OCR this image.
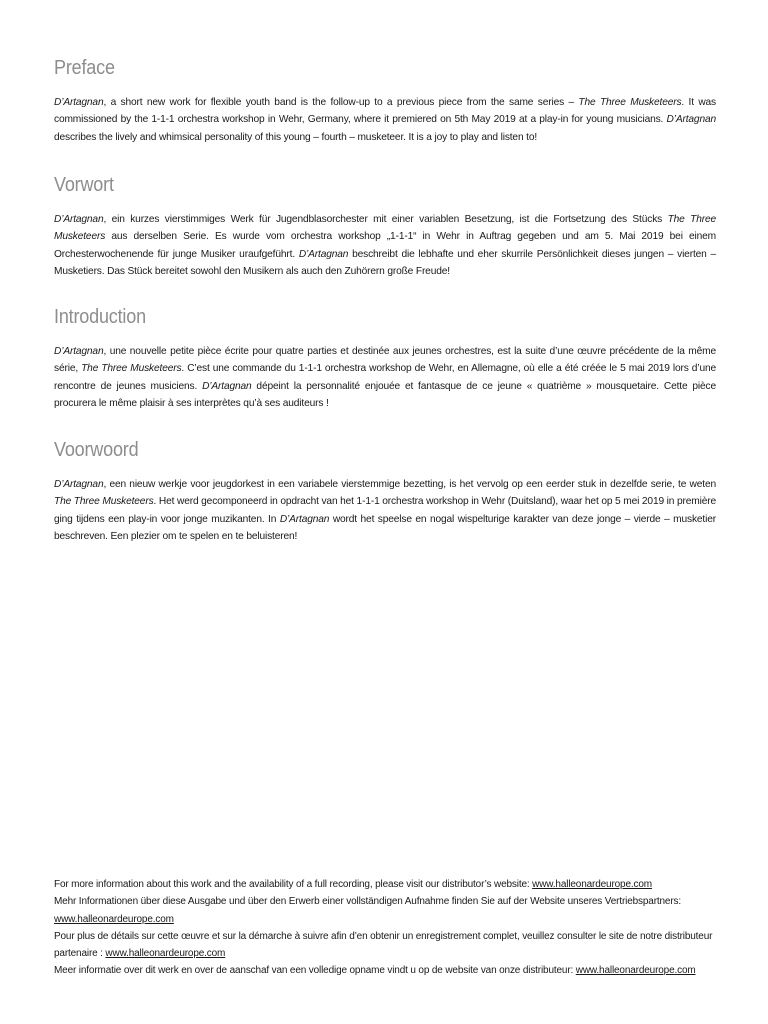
Preface

D’Artagnan, a short new work for flexible youth band is the follow-up to a previous piece from the same series – The Three Musketeers. It was commissioned by the 1-1-1 orchestra workshop in Wehr, Germany, where it premiered on 5th May 2019 at a play-in for young musicians. D’Artagnan describes the lively and whimsical personality of this young – fourth – musketeer. It is a joy to play and listen to!

Vorwort

D’Artagnan, ein kurzes vierstimmiges Werk für Jugendblasorchester mit einer variablen Besetzung, ist die Fortsetzung des Stücks The Three Musketeers aus derselben Serie. Es wurde vom orchestra workshop „1-1-1“ in Wehr in Auftrag gegeben und am 5. Mai 2019 bei einem Orchesterwochenende für junge Musiker uraufgeführt. D’Artagnan beschreibt die lebhafte und eher skurrile Persönlichkeit dieses jungen – vierten – Musketiers. Das Stück bereitet sowohl den Musikern als auch den Zuhörern große Freude!

Introduction

D’Artagnan, une nouvelle petite pièce écrite pour quatre parties et destinée aux jeunes orchestres, est la suite d’une œuvre précédente de la même série, The Three Musketeers. C’est une commande du 1-1-1 orchestra workshop de Wehr, en Allemagne, où elle a été créée le 5 mai 2019 lors d’une rencontre de jeunes musiciens. D’Artagnan dépeint la personnalité enjouée et fantasque de ce jeune « quatrième » mousquetaire. Cette pièce procurera le même plaisir à ses interprètes qu’à ses auditeurs !

Voorwoord

D’Artagnan, een nieuw werkje voor jeugdorkest in een variabele vierstemmige bezetting, is het vervolg op een eerder stuk in dezelfde serie, te weten The Three Musketeers. Het werd gecomponeerd in opdracht van het 1-1-1 orchestra workshop in Wehr (Duitsland), waar het op 5 mei 2019 in première ging tijdens een play-in voor jonge muzikanten. In D’Artagnan wordt het speelse en nogal wispelturige karakter van deze jonge – vierde – musketier beschreven. Een plezier om te spelen en te beluisteren!

For more information about this work and the availability of a full recording, please visit our distributor’s website: www.halleonardeurope.com
Mehr Informationen über diese Ausgabe und über den Erwerb einer vollständigen Aufnahme finden Sie auf der Website unseres Vertriebspartners: www.halleonardeurope.com
Pour plus de détails sur cette œuvre et sur la démarche à suivre afin d’en obtenir un enregistrement complet, veuillez consulter le site de notre distributeur partenaire : www.halleonardeurope.com
Meer informatie over dit werk en over de aanschaf van een volledige opname vindt u op de website van onze distributeur: www.halleonardeurope.com
